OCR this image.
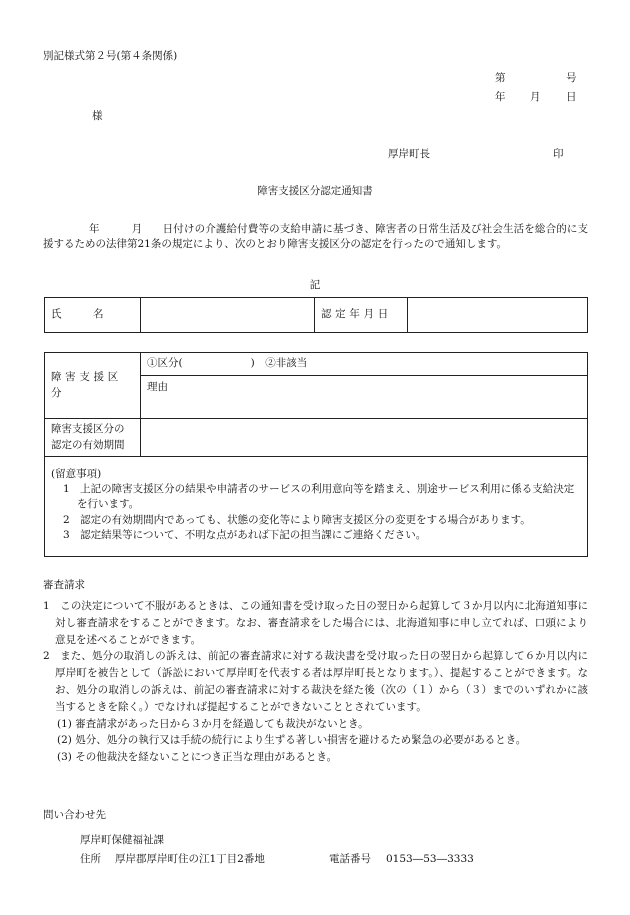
別記様式第２号(第４条関係)
第	号
年 月 日
様
厚岸町長	印
障害支援区分認定通知書
年	月 日付けの介護給付費等の支給申請に基づき、障害者の日常生活及び社会生活を総合的に支援するための法律第21条の規定により、次のとおり障害支援区分の認定を行ったので通知します。
記
氏　　　名		認定年月日	
障害支援区分	①区分( )　 ②非該当
	理由

障害支援区分の
認定の有効期間	

(留意事項)

1　上記の障害支援区分の結果や申請者のサービスの利用意向等を踏まえ、別途サービス利用に係る支給決定を行います。

2　認定の有効期間内であっても、状態の変化等により障害支援区分の変更をする場合があります。

3　認定結果等について、不明な点があれば下記の担当課にご連絡ください。	

審査請求

1　この決定について不服があるときは、この通知書を受け取った日の翌日から起算して３か月以内に北海道知事に対し審査請求をすることができます。なお、審査請求をした場合には、北海道知事に申し立てれば、口頭により意見を述べることができます。

2　また、処分の取消しの訴えは、前記の審査請求に対する裁決書を受け取った日の翌日から起算して６か月以内に厚岸町を被告として（訴訟において厚岸町を代表する者は厚岸町長となります。）、提起することができます。なお、処分の取消しの訴えは、前記の審査請求に対する裁決を経た後（次の（１）から（３）までのいずれかに該当するときを除く。）でなければ提起することができないこととされています。

(1) 審査請求があった日から３か月を経過しても裁決がないとき。

(2) 処分、処分の執行又は手続の続行により生ずる著しい損害を避けるため緊急の必要があるとき。

(3) その他裁決を経ないことにつき正当な理由があるとき。

問い合わせ先
厚岸町保健福祉課
住所 厚岸郡厚岸町住の江1丁目2番地	電話番号 0153―53―3333
